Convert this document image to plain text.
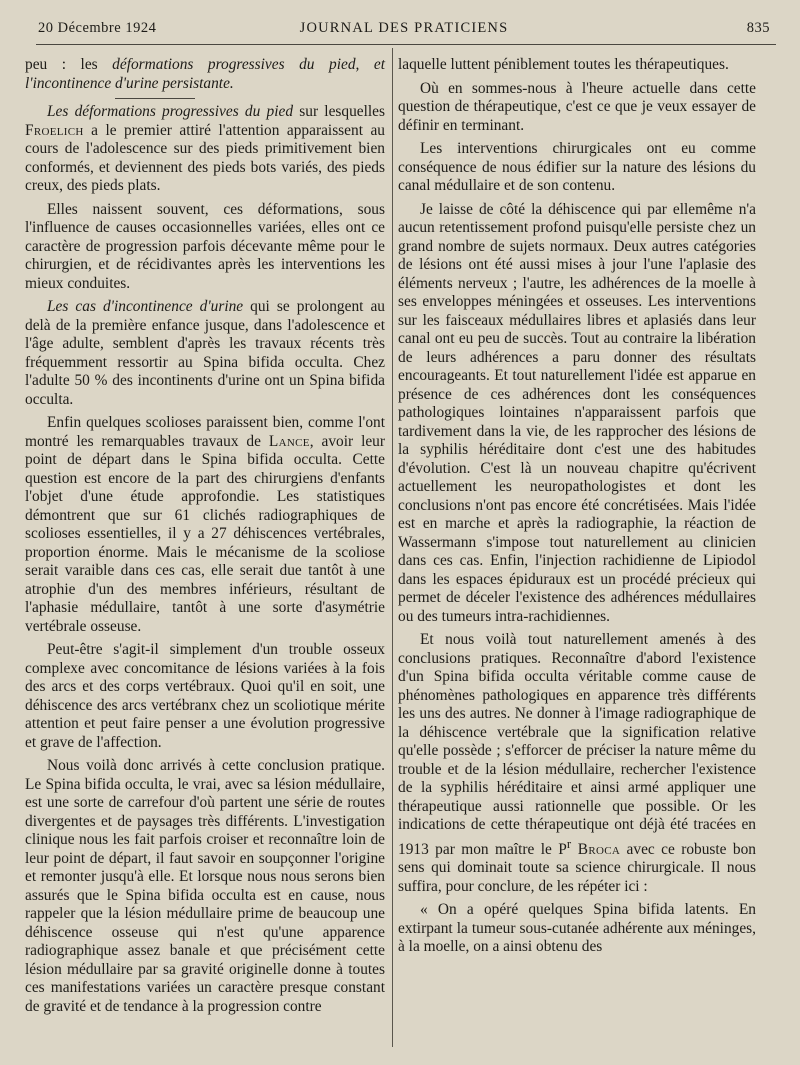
20 Décembre 1924	JOURNAL DES PRATICIENS	835

peu : les déformations progressives du pied, et l'incontinence d'urine persistante.

Les déformations progressives du pied sur lesquelles Froelich a le premier attiré l'attention apparaissent au cours de l'adolescence sur des pieds primitivement bien conformés, et deviennent des pieds bots variés, des pieds creux, des pieds plats.

Elles naissent souvent, ces déformations, sous l'influence de causes occasionnelles variées, elles ont ce caractère de progression parfois décevante même pour le chirurgien, et de récidivantes après les interventions les mieux conduites.

Les cas d'incontinence d'urine qui se prolongent au delà de la première enfance jusque, dans l'adolescence et l'âge adulte, semblent d'après les travaux récents très fréquemment ressortir au Spina bifida occulta. Chez l'adulte 50 % des incontinents d'urine ont un Spina bifida occulta.

Enfin quelques scolioses paraissent bien, comme l'ont montré les remarquables travaux de Lance, avoir leur point de départ dans le Spina bifida occulta. Cette question est encore de la part des chirurgiens d'enfants l'objet d'une étude approfondie. Les statistiques démontrent que sur 61 clichés radiographiques de scolioses essentielles, il y a 27 déhiscences vertébrales, proportion énorme. Mais le mécanisme de la scoliose serait varaible dans ces cas, elle serait due tantôt à une atrophie d'un des membres inférieurs, résultant de l'aphasie médullaire, tantôt à une sorte d'asymétrie vertébrale osseuse.

Peut-être s'agit-il simplement d'un trouble osseux complexe avec concomitance de lésions variées à la fois des arcs et des corps vertébraux. Quoi qu'il en soit, une déhiscence des arcs vertébranx chez un scoliotique mérite attention et peut faire penser a une évolution progressive et grave de l'affection.

Nous voilà donc arrivés à cette conclusion pratique. Le Spina bifida occulta, le vrai, avec sa lésion médullaire, est une sorte de carrefour d'où partent une série de routes divergentes et de paysages très différents. L'investigation clinique nous les fait parfois croiser et reconnaître loin de leur point de départ, il faut savoir en soupçonner l'origine et remonter jusqu'à elle. Et lorsque nous nous serons bien assurés que le Spina bifida occulta est en cause, nous rappeler que la lésion médullaire prime de beaucoup une déhiscence osseuse qui n'est qu'une apparence radiographique assez banale et que précisément cette lésion médullaire par sa gravité originelle donne à toutes ces manifestations variées un caractère presque constant de gravité et de tendance à la progression contre

laquelle luttent péniblement toutes les thérapeutiques.

Où en sommes-nous à l'heure actuelle dans cette question de thérapeutique, c'est ce que je veux essayer de définir en terminant.

Les interventions chirurgicales ont eu comme conséquence de nous édifier sur la nature des lésions du canal médullaire et de son contenu.

Je laisse de côté la déhiscence qui par ellemême n'a aucun retentissement profond puisqu'elle persiste chez un grand nombre de sujets normaux. Deux autres catégories de lésions ont été aussi mises à jour l'une l'aplasie des éléments nerveux ; l'autre, les adhérences de la moelle à ses enveloppes méningées et osseuses. Les interventions sur les faisceaux médullaires libres et aplasiés dans leur canal ont eu peu de succès. Tout au contraire la libération de leurs adhérences a paru donner des résultats encourageants. Et tout naturellement l'idée est apparue en présence de ces adhérences dont les conséquences pathologiques lointaines n'apparaissent parfois que tardivement dans la vie, de les rapprocher des lésions de la syphilis héréditaire dont c'est une des habitudes d'évolution. C'est là un nouveau chapitre qu'écrivent actuellement les neuropathologistes et dont les conclusions n'ont pas encore été concrétisées. Mais l'idée est en marche et après la radiographie, la réaction de Wassermann s'impose tout naturellement au clinicien dans ces cas. Enfin, l'injection rachidienne de Lipiodol dans les espaces épiduraux est un procédé précieux qui permet de déceler l'existence des adhérences médullaires ou des tumeurs intra-rachidiennes.

Et nous voilà tout naturellement amenés à des conclusions pratiques. Reconnaître d'abord l'existence d'un Spina bifida occulta véritable comme cause de phénomènes pathologiques en apparence très différents les uns des autres. Ne donner à l'image radiographique de la déhiscence vertébrale que la signification relative qu'elle possède ; s'efforcer de préciser la nature même du trouble et de la lésion médullaire, rechercher l'existence de la syphilis héréditaire et ainsi armé appliquer une thérapeutique aussi rationnelle que possible. Or les indications de cette thérapeutique ont déjà été tracées en 1913 par mon maître le $P^r$ Broca avec ce robuste bon sens qui dominait toute sa science chirurgicale. Il nous suffira, pour conclure, de les répéter ici :

« On a opéré quelques Spina bifida latents. En extirpant la tumeur sous-cutanée adhérente aux méninges, à la moelle, on a ainsi obtenu des
